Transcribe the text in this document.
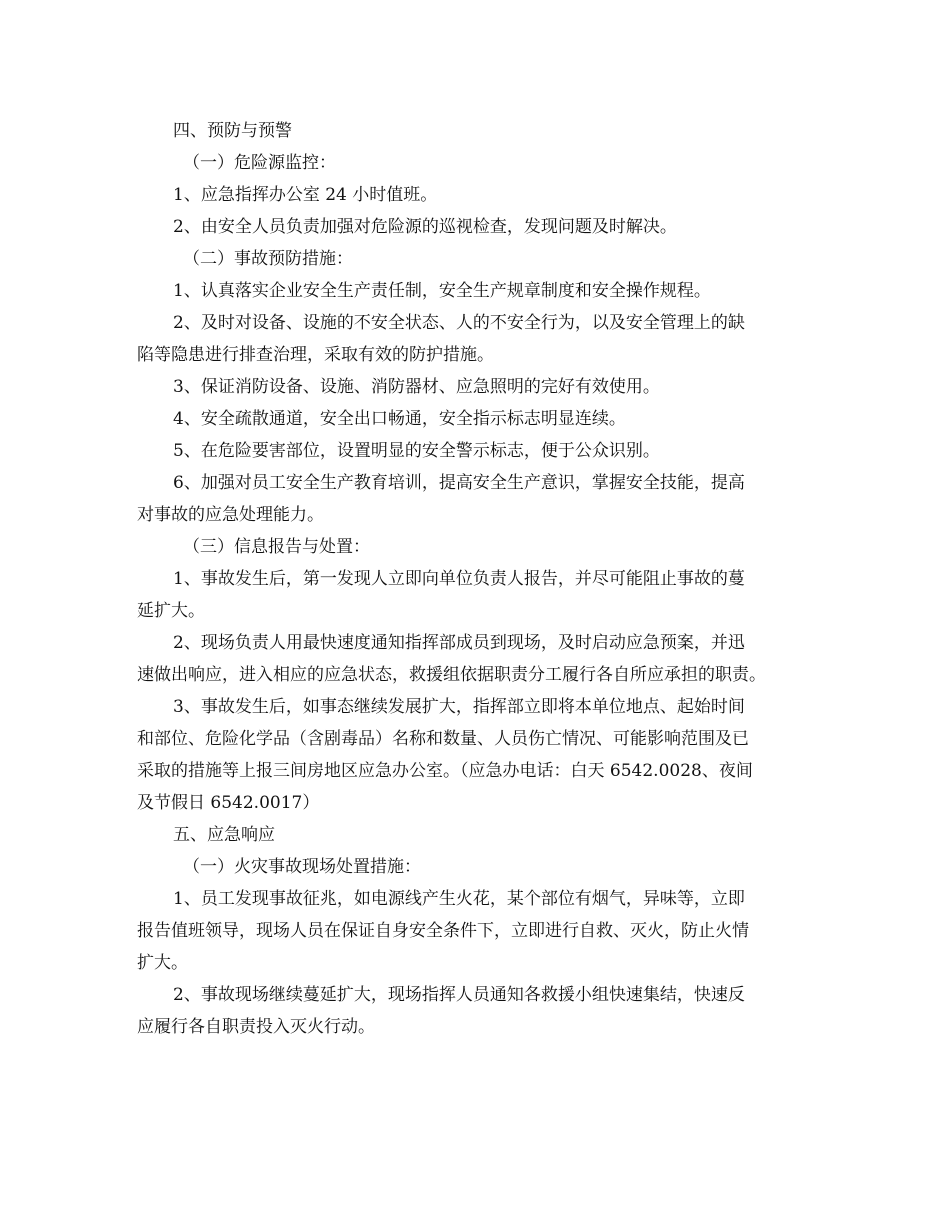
四、预防与预警
（一）危险源监控：
1、应急指挥办公室 24 小时值班。
2、由安全人员负责加强对危险源的巡视检查，发现问题及时解决。
（二）事故预防措施：
1、认真落实企业安全生产责任制，安全生产规章制度和安全操作规程。
2、及时对设备、设施的不安全状态、人的不安全行为，以及安全管理上的缺
陷等隐患进行排查治理，采取有效的防护措施。
3、保证消防设备、设施、消防器材、应急照明的完好有效使用。
4、安全疏散通道，安全出口畅通，安全指示标志明显连续。
5、在危险要害部位，设置明显的安全警示标志，便于公众识别。
6、加强对员工安全生产教育培训，提高安全生产意识，掌握安全技能，提高
对事故的应急处理能力。
（三）信息报告与处置：
1、事故发生后，第一发现人立即向单位负责人报告，并尽可能阻止事故的蔓
延扩大。
2、现场负责人用最快速度通知指挥部成员到现场，及时启动应急预案，并迅
速做出响应，进入相应的应急状态，救援组依据职责分工履行各自所应承担的职责。
3、事故发生后，如事态继续发展扩大，指挥部立即将本单位地点、起始时间
和部位、危险化学品（含剧毒品）名称和数量、人员伤亡情况、可能影响范围及已
采取的措施等上报三间房地区应急办公室。（应急办电话：白天 6542.0028、夜间
及节假日 6542.0017）
五、应急响应
（一）火灾事故现场处置措施：
1、员工发现事故征兆，如电源线产生火花，某个部位有烟气，异味等，立即
报告值班领导，现场人员在保证自身安全条件下，立即进行自救、灭火，防止火情
扩大。
2、事故现场继续蔓延扩大，现场指挥人员通知各救援小组快速集结，快速反
应履行各自职责投入灭火行动。
